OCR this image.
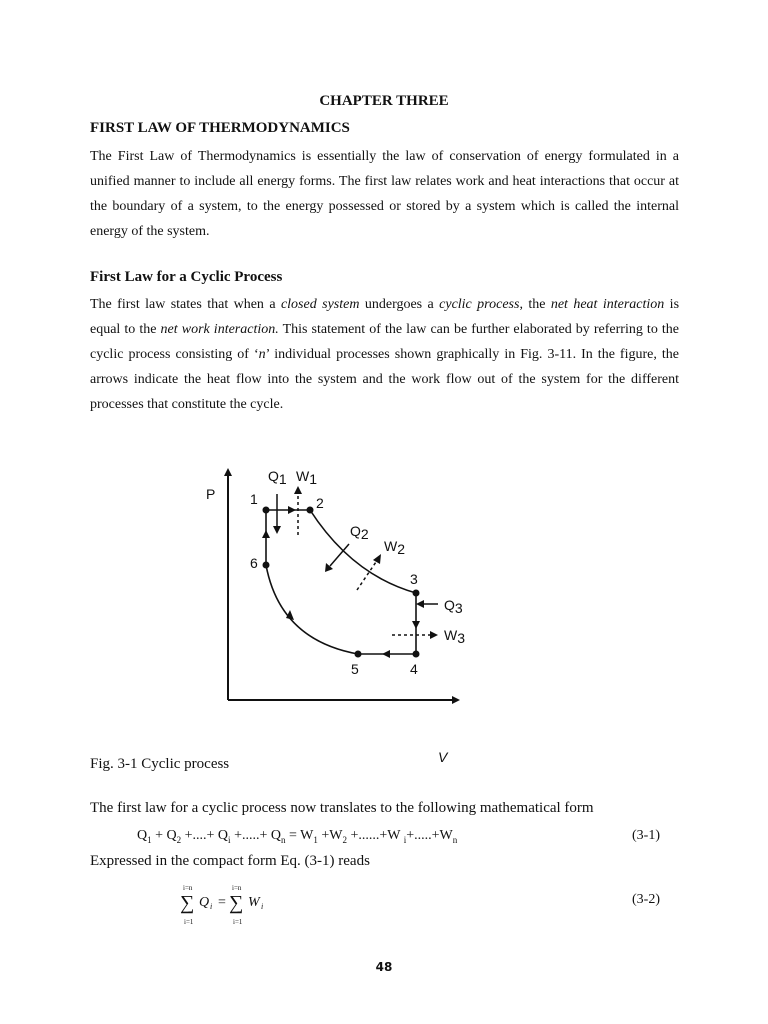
CHAPTER THREE
FIRST LAW OF THERMODYNAMICS

The First Law of Thermodynamics is essentially the law of conservation of energy formulated in a unified manner to include all energy forms. The first law relates work and heat interactions that occur at the boundary of a system, to the energy possessed or stored by a system which is called the internal energy of the system.

First Law for a Cyclic Process

The first law states that when a closed system undergoes a cyclic process, the net heat interaction is equal to the net work interaction. This statement of the law can be further elaborated by referring to the cyclic process consisting of ‘n’ individual processes shown graphically in Fig. 3-11. In the figure, the arrows indicate the heat flow into the system and the work flow out of the system for the different processes that constitute the cycle.

P
V
1	2
3
4
5
6
Q1 W1
Q2
W2
Q3
W3
Fig. 3-1 Cyclic process
The first law for a cyclic process now translates to the following mathematical form
$Q_1 + Q_2$ +....+ $Q_i$ +.....+ $Q_n = W_1 +W_2 +......+W$ $_i+.....+W_n$	(3-1)
Expressed in the compact form Eq. (3-1) reads
i=n
∑
i=1
Q i =
i=n
∑
i=1
W i	(3-2)
48
